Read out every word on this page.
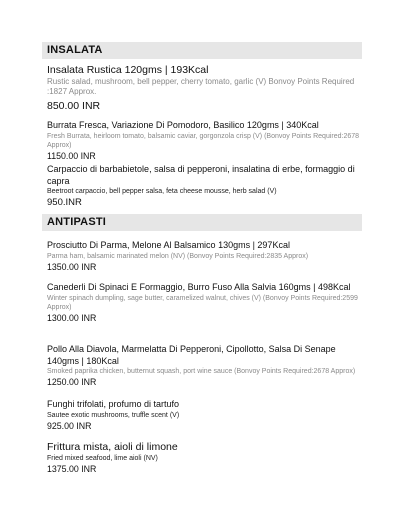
INSALATA
Insalata Rustica 120gms | 193Kcal
Rustic salad, mushroom, bell pepper, cherry tomato, garlic (V) Bonvoy Points Required :1827 Approx.
850.00 INR
Burrata Fresca, Variazione Di Pomodoro, Basilico 120gms | 340Kcal
Fresh Burrata, heirloom tomato, balsamic caviar, gorgonzola crisp (V) (Bonvoy Points Required:2678 Approx)
1150.00 INR
Carpaccio di barbabietole, salsa di pepperoni, insalatina di erbe, formaggio di capra
Beetroot carpaccio, bell pepper salsa, feta cheese mousse, herb salad (V)
950.INR
ANTIPASTI
Prosciutto Di Parma, Melone Al Balsamico 130gms | 297Kcal
Parma ham, balsamic marinated melon (NV) (Bonvoy Points Required:2835 Approx)
1350.00 INR
Canederli Di Spinaci E Formaggio, Burro Fuso Alla Salvia 160gms | 498Kcal
Winter spinach dumpling, sage butter, caramelized walnut, chives (V) (Bonvoy Points Required:2599 Approx)
1300.00 INR
Pollo Alla Diavola, Marmelatta Di Pepperoni, Cipollotto, Salsa Di Senape 140gms | 180Kcal
Smoked paprika chicken, butternut squash, port wine sauce (Bonvoy Points Required:2678 Approx)
1250.00 INR
Funghi trifolati, profumo di tartufo
Sautee exotic mushrooms, truffle scent (V)
925.00 INR
Frittura mista, aioli di limone
Fried mixed seafood, lime aioli (NV)
1375.00 INR
